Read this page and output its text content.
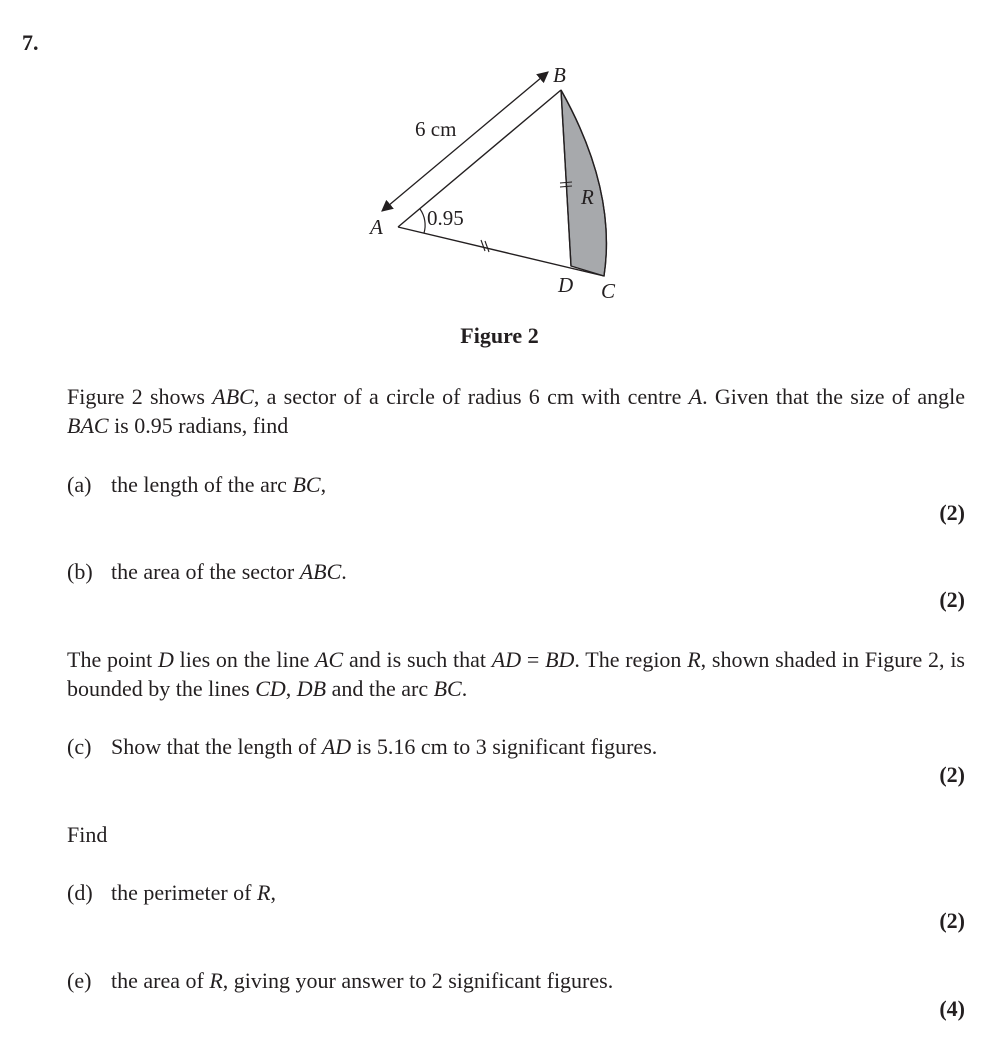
7.
A
B
C
D
R
6 cm
0.95
Figure 2
Figure 2 shows ABC, a sector of a circle of radius 6 cm with centre A. Given that the size of angle BAC is 0.95 radians, find
(a) the length of the arc BC,
(2)
(b) the area of the sector ABC.
(2)
The point D lies on the line AC and is such that AD = BD. The region R, shown shaded in Figure 2, is bounded by the lines CD, DB and the arc BC.
(c) Show that the length of AD is 5.16 cm to 3 significant figures.
(2)
Find
(d) the perimeter of R,
(2)
(e) the area of R, giving your answer to 2 significant figures.
(4)
